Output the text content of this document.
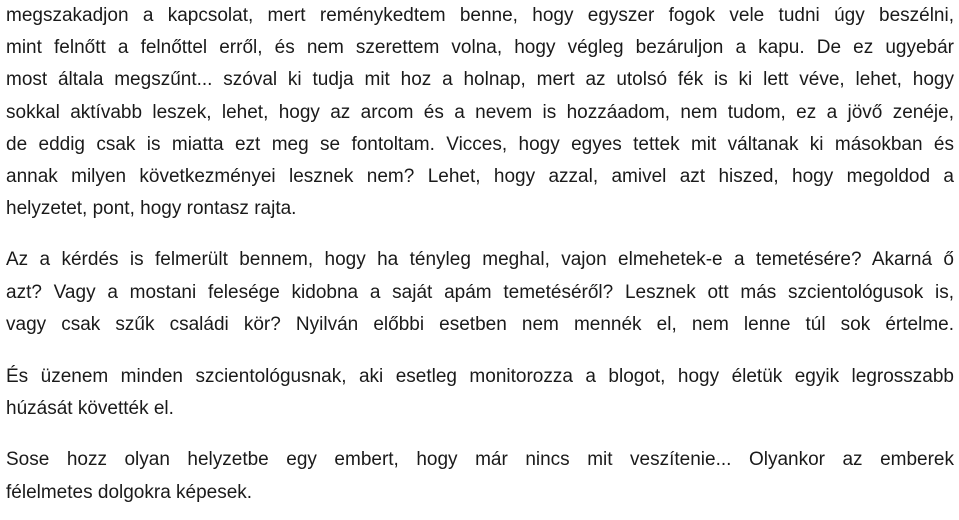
megszakadjon a kapcsolat, mert reménykedtem benne, hogy egyszer fogok vele tudni úgy beszélni,
mint felnőtt a felnőttel erről, és nem szerettem volna, hogy végleg bezáruljon a kapu. De ez ugyebár
most általa megszűnt... szóval ki tudja mit hoz a holnap, mert az utolsó fék is ki lett véve, lehet, hogy
sokkal aktívabb leszek, lehet, hogy az arcom és a nevem is hozzáadom, nem tudom, ez a jövő zenéje,
de eddig csak is miatta ezt meg se fontoltam. Vicces, hogy egyes tettek mit váltanak ki másokban és
annak milyen következményei lesznek nem? Lehet, hogy azzal, amivel azt hiszed, hogy megoldod a
helyzetet, pont, hogy rontasz rajta.
Az a kérdés is felmerült bennem, hogy ha tényleg meghal, vajon elmehetek-e a temetésére? Akarná ő
azt? Vagy a mostani felesége kidobna a saját apám temetéséről? Lesznek ott más szcientológusok is,
vagy csak szűk családi kör? Nyilván előbbi esetben nem mennék el, nem lenne túl sok értelme.
És üzenem minden szcientológusnak, aki esetleg monitorozza a blogot, hogy életük egyik legrosszabb
húzását követték el.
Sose hozz olyan helyzetbe egy embert, hogy már nincs mit veszítenie... Olyankor az emberek
félelmetes dolgokra képesek.
